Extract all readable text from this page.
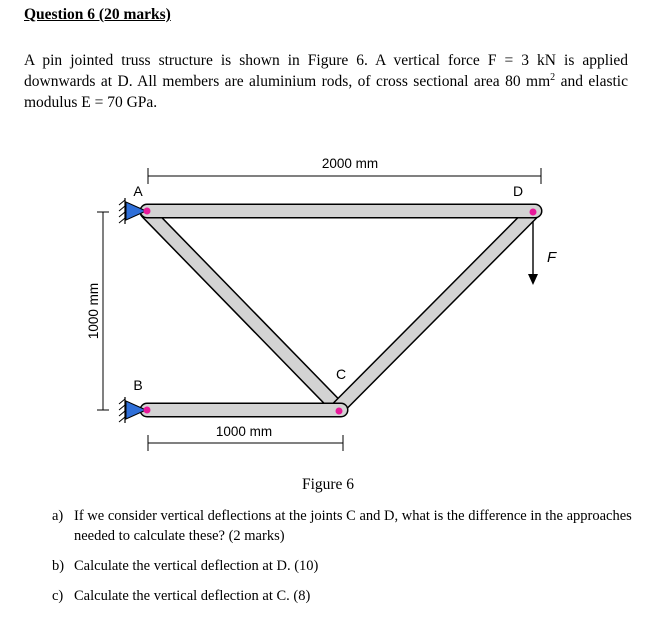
Question 6 (20 marks)

A pin jointed truss structure is shown in Figure 6. A vertical force F = 3 kN is applied downwards at D. All members are aluminium rods, of cross sectional area 80 $mm^2$ and elastic modulus E = 70 GPa.

2000 mm
1000 mm
1000 mm
A
B
C
D
F

Figure 6

a) If we consider vertical deflections at the joints C and D, what is the difference in the approaches needed to calculate these? (2 marks)
b) Calculate the vertical deflection at D. (10)
c) Calculate the vertical deflection at C. (8)
